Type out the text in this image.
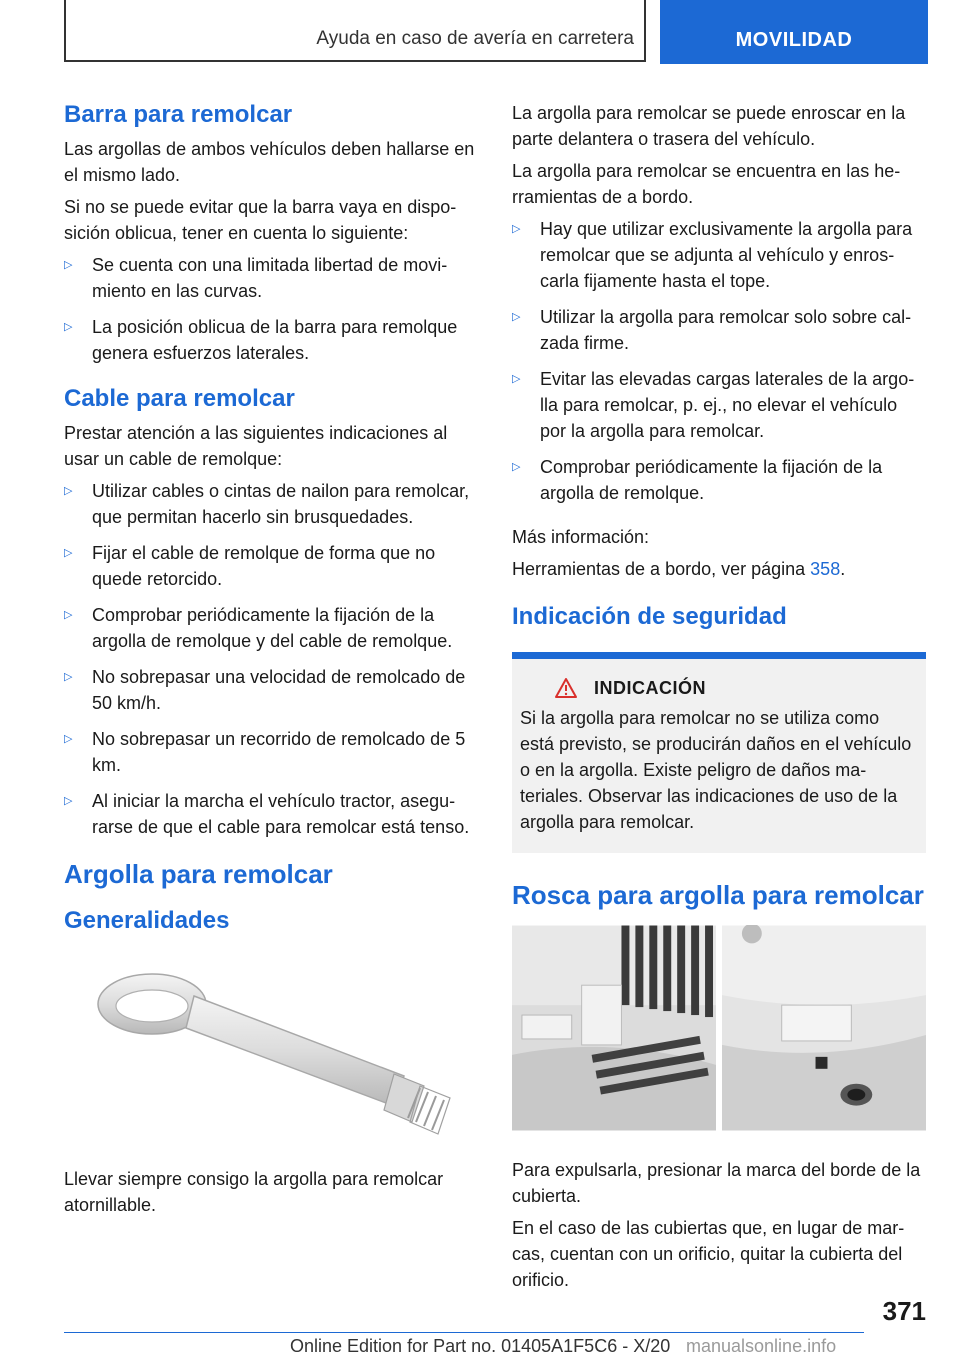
Ayuda en caso de avería en carretera	MOVILIDAD
Barra para remolcar

Las argollas de ambos vehículos deben hallarse en el mismo lado.

Si no se puede evitar que la barra vaya en disposición oblicua, tener en cuenta lo siguiente:

▷	Se cuenta con una limitada libertad de movimiento en las curvas.
▷	La posición oblicua de la barra para remolque genera esfuerzos laterales.
Cable para remolcar

Prestar atención a las siguientes indicaciones al usar un cable de remolque:

▷	Utilizar cables o cintas de nailon para remolcar, que permitan hacerlo sin brusquedades.
▷	Fijar el cable de remolque de forma que no quede retorcido.
▷	Comprobar periódicamente la fijación de la argolla de remolque y del cable de remolque.
▷	No sobrepasar una velocidad de remolcado de 50 km/h.
▷	No sobrepasar un recorrido de remolcado de 5 km.
▷	Al iniciar la marcha el vehículo tractor, asegurarse de que el cable para remolcar está tenso.
Argolla para remolcar
Generalidades

Llevar siempre consigo la argolla para remolcar atornillable.

La argolla para remolcar se puede enroscar en la parte delantera o trasera del vehículo.

La argolla para remolcar se encuentra en las herramientas de a bordo.

▷	Hay que utilizar exclusivamente la argolla para remolcar que se adjunta al vehículo y enroscarla fijamente hasta el tope.
▷	Utilizar la argolla para remolcar solo sobre calzada firme.
▷	Evitar las elevadas cargas laterales de la argolla para remolcar, p. ej., no elevar el vehículo por la argolla para remolcar.
▷	Comprobar periódicamente la fijación de la argolla de remolque.

Más información:

Herramientas de a bordo, ver página 358.

Indicación de seguridad
INDICACIÓN

Si la argolla para remolcar no se utiliza como está previsto, se producirán daños en el vehículo o en la argolla. Existe peligro de daños materiales. Observar las indicaciones de uso de la argolla para remolcar.

Rosca para argolla para remolcar

Para expulsarla, presionar la marca del borde de la cubierta.

En el caso de las cubiertas que, en lugar de marcas, cuentan con un orificio, quitar la cubierta del orificio.

371
Online Edition for Part no. 01405A1F5C6 - X/20 manualsonline.info
